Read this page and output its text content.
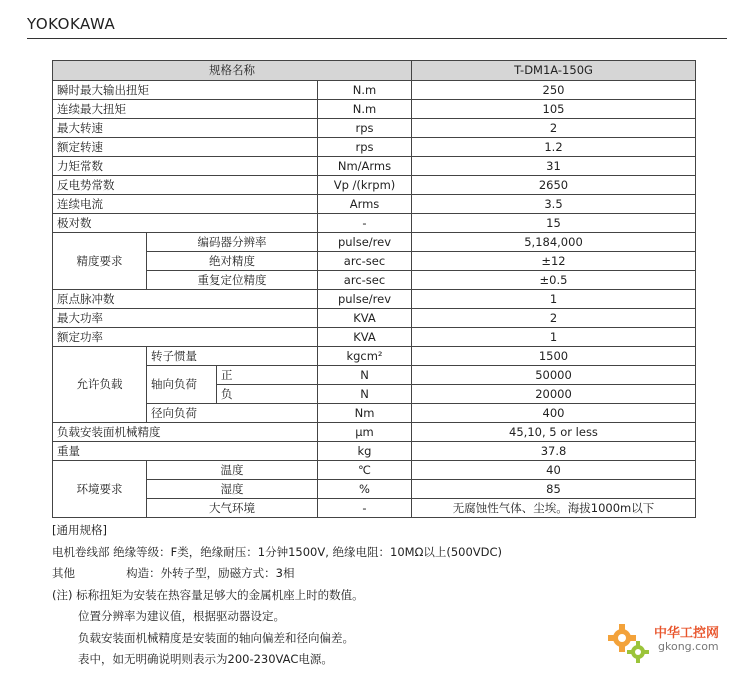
YOKOKAWA
规格名称				T-DM1A-150G
瞬时最大输出扭矩			N.m	250
连续最大扭矩			N.m	105
最大转速			rps	2
额定转速			rps	1.2
力矩常数			Nm/Arms	31
反电势常数			Vp /(krpm)	2650
连续电流			Arms	3.5
极对数			-	15
精度要求	编码器分辨率		pulse/rev	5,184,000
	绝对精度		arc-sec	±12
	重复定位精度		arc-sec	±0.5
原点脉冲数			pulse/rev	1
最大功率			KVA	2
额定功率			KVA	1
允许负载	转子惯量		kgcm²	1500
	轴向负荷	正	N	50000
		负	N	20000
	径向负荷		Nm	400
负载安装面机械精度			μm	45,10, 5 or less
重量			kg	37.8
环境要求	温度		℃	40
	湿度		%	85
	大气环境		-	无腐蚀性气体、尘埃。海拔1000m以下
[通用规格]
电机卷线部 绝缘等级：F类，绝缘耐压：1分钟1500V, 绝缘电阻：10MΩ以上(500VDC)
其他              构造：外转子型，励磁方式：3相
(注) 标称扭矩为安装在热容量足够大的金属机座上时的数值。
位置分辨率为建议值，根据驱动器设定。
负载安装面机械精度是安装面的轴向偏差和径向偏差。
表中，如无明确说明则表示为200-230VAC电源。
中华工控网
gkong.com
